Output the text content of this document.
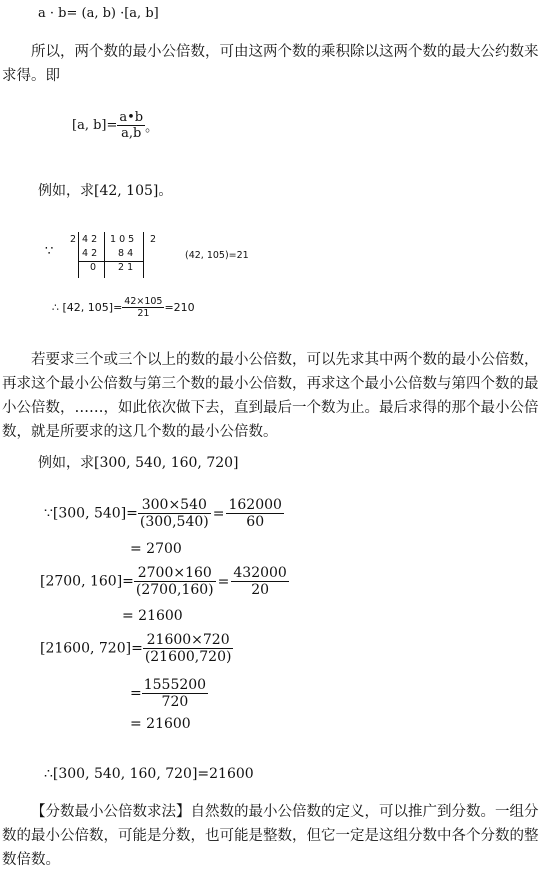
a · b= (a, b) ·[a, b]
所以，两个数的最小公倍数，可由这两个数的乘积除以这两个数的最大公约数来求得。即
[a, $b]= \frac{a•b}{a,b}$ 。
例如，求[42, 105]。
∵
2 4 2 1 0 5 2
4 2 8 4
0 2 1
(42, 105)=21
∴ [42, $105]= \frac{42\times 105}{21} =210$
若要求三个或三个以上的数的最小公倍数，可以先求其中两个数的最小公倍数，再求这个最小公倍数与第三个数的最小公倍数，再求这个最小公倍数与第四个数的最小公倍数，……，如此依次做下去，直到最后一个数为止。最后求得的那个最小公倍数，就是所要求的这几个数的最小公倍数。
例如，求[300, 540, 160, 720]
∵[300, $540]= \frac{300\times 540}{(300,540)} = \frac{162000}{60}$
= 2700
[2700, $160]= \frac{2700\times 160}{(2700,160)} = \frac{432000}{20}$
= 21600
[21600, $720]= \frac{21600\times 720}{(21600,720)}$
= $\frac{1555200}{720}$
= 21600
∴[300, 540, 160, 720]=21600
【分数最小公倍数求法】自然数的最小公倍数的定义，可以推广到分数。一组分数的最小公倍数，可能是分数，也可能是整数，但它一定是这组分数中各个分数的整数倍数。
